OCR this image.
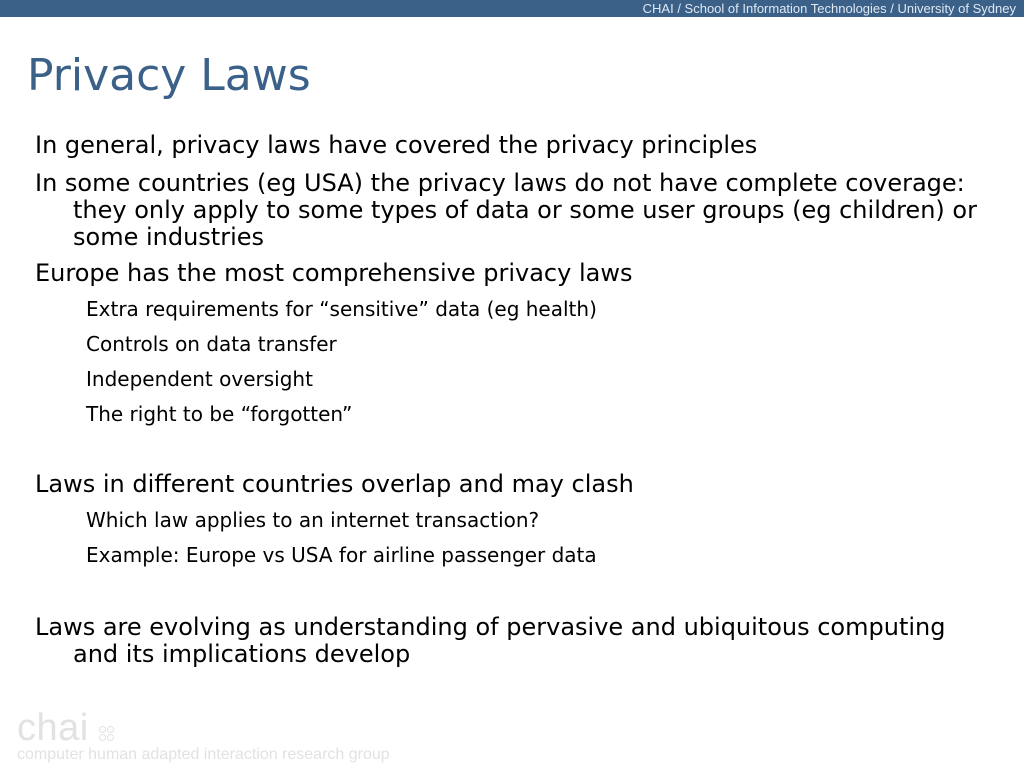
CHAI / School of Information Technologies / University of Sydney
Privacy Laws

In general, privacy laws have covered the privacy principles

In some countries (eg USA) the privacy laws do not have complete coverage: they only apply to some types of data or some user groups (eg children) or some industries

Europe has the most comprehensive privacy laws

Extra requirements for “sensitive” data (eg health)

Controls on data transfer

Independent oversight

The right to be “forgotten”

Laws in different countries overlap and may clash

Which law applies to an internet transaction?

Example: Europe vs USA for airline passenger data

Laws are evolving as understanding of pervasive and ubiquitous computing and its implications develop

chai
computer human adapted interaction research group
